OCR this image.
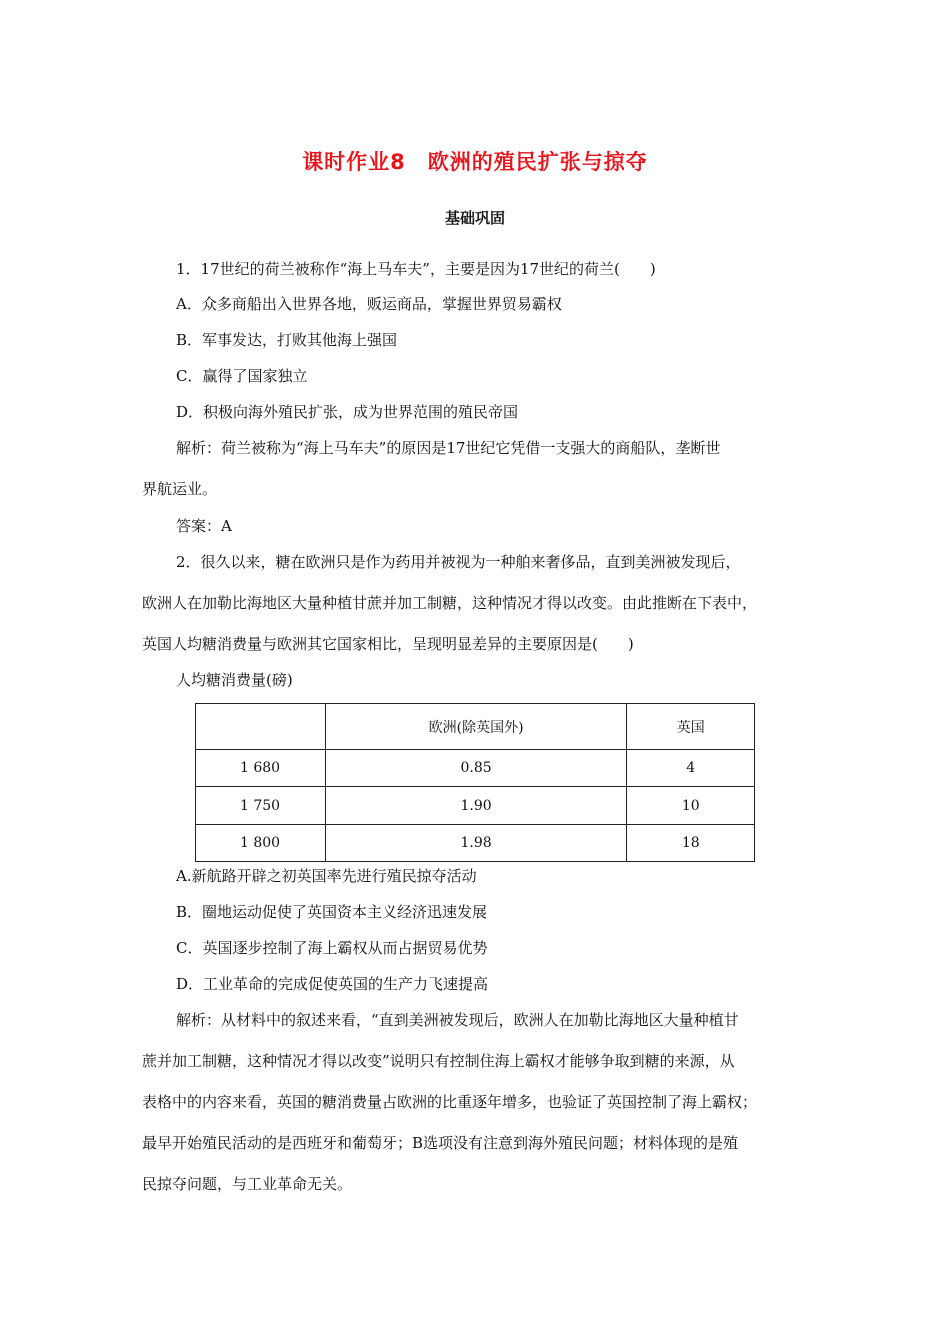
课时作业8　欧洲的殖民扩张与掠夺
基础巩固
1．17世纪的荷兰被称作“海上马车夫”，主要是因为17世纪的荷兰(　　)
A．众多商船出入世界各地，贩运商品，掌握世界贸易霸权
B．军事发达，打败其他海上强国
C．赢得了国家独立
D．积极向海外殖民扩张，成为世界范围的殖民帝国
解析：荷兰被称为“海上马车夫”的原因是17世纪它凭借一支强大的商船队，垄断世
界航运业。
答案：A
2．很久以来，糖在欧洲只是作为药用并被视为一种舶来奢侈品，直到美洲被发现后，
欧洲人在加勒比海地区大量种植甘蔗并加工制糖，这种情况才得以改变。由此推断在下表中，
英国人均糖消费量与欧洲其它国家相比，呈现明显差异的主要原因是(　　)
人均糖消费量(磅)
	欧洲(除英国外)	英国
1 680	0.85	4
1 750	1.90	10
1 800	1.98	18
A.新航路开辟之初英国率先进行殖民掠夺活动
B．圈地运动促使了英国资本主义经济迅速发展
C．英国逐步控制了海上霸权从而占据贸易优势
D．工业革命的完成促使英国的生产力飞速提高
解析：从材料中的叙述来看，“直到美洲被发现后，欧洲人在加勒比海地区大量种植甘
蔗并加工制糖，这种情况才得以改变”说明只有控制住海上霸权才能够争取到糖的来源，从
表格中的内容来看，英国的糖消费量占欧洲的比重逐年增多，也验证了英国控制了海上霸权；
最早开始殖民活动的是西班牙和葡萄牙；B选项没有注意到海外殖民问题；材料体现的是殖
民掠夺问题，与工业革命无关。
